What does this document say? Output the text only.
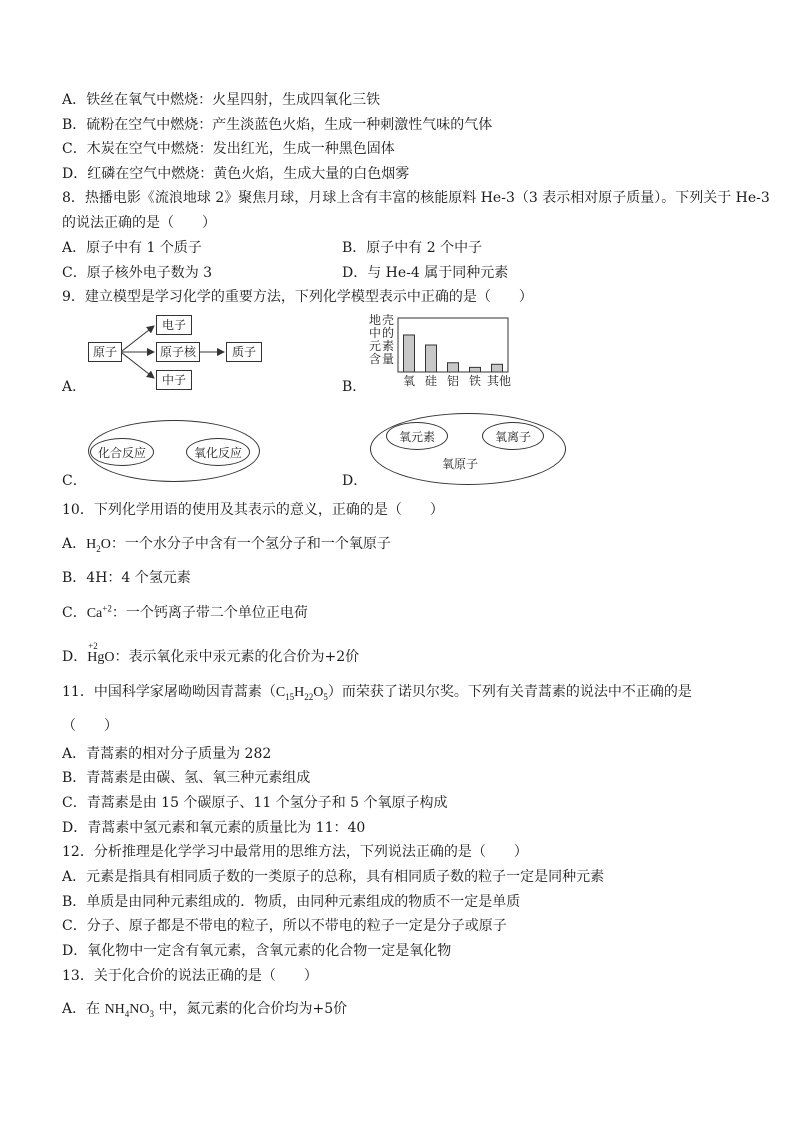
A．铁丝在氧气中燃烧：火星四射，生成四氧化三铁
B．硫粉在空气中燃烧：产生淡蓝色火焰，生成一种刺激性气味的气体
C．木炭在空气中燃烧：发出红光，生成一种黑色固体
D．红磷在空气中燃烧：黄色火焰，生成大量的白色烟雾
8．热播电影《流浪地球 2》聚焦月球，月球上含有丰富的核能原料 He-3（3 表示相对原子质量）。下列关于 He-3
的说法正确的是（　　）
A．原子中有 1 个质子	B．原子中有 2 个中子
C．原子核外电子数为 3	D．与 He-4 属于同种元素
9．建立模型是学习化学的重要方法，下列化学模型表示中正确的是（　　）
原子
电子
原子核
中子
质子
A．
地 壳
中 的
元 素
含 量
氧 硅 铝 铁 其他
B．
化合反应	氧化反应
C．
氧元素	氧离子
氧原子
D．
10．下列化学用语的使用及其表示的意义，正确的是（　　）
A．$H_2O$：一个水分子中含有一个氢分子和一个氧原子
B．4H：4 个氢元素
C．$Ca^{+2}$：一个钙离子带二个单位正电荷
D．
+2
HgO：表示氧化汞中汞元素的化合价为+2价
11．中国科学家屠呦呦因青蒿素$(C_{15}H_{22}O_5)$而荣获了诺贝尔奖。下列有关青蒿素的说法中不正确的是
（　　）
A．青蒿素的相对分子质量为 282
B．青蒿素是由碳、氢、氧三种元素组成
C．青蒿素是由 15 个碳原子、11 个氢分子和 5 个氧原子构成
D．青蒿素中氢元素和氧元素的质量比为 11：40
12．分析推理是化学学习中最常用的思维方法，下列说法正确的是（　　）
A．元素是指具有相同质子数的一类原子的总称，具有相同质子数的粒子一定是同种元素
B．单质是由同种元素组成的．物质，由同种元素组成的物质不一定是单质
C．分子、原子都是不带电的粒子，所以不带电的粒子一定是分子或原子
D．氧化物中一定含有氧元素，含氧元素的化合物一定是氧化物
13．关于化合价的说法正确的是（　　）
A．在 $NH_4NO_3$ 中，氮元素的化合价均为+5价
